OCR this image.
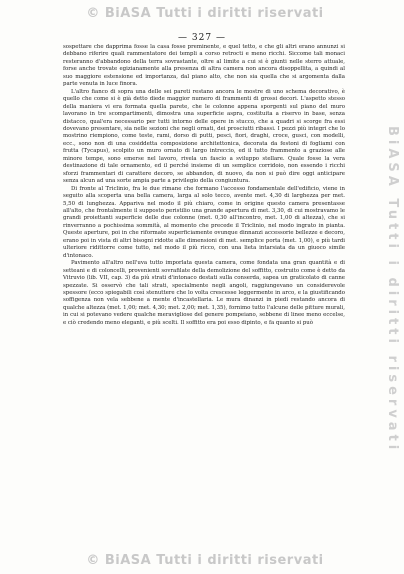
© BiASA Tutti i diritti riservati
BiASA Tutti i diritti riservati
— 327 —

sospettare che dapprima fosse la casa fosse preminente, e quel tetto, e che gli altri erano annunzi si debbano riferire quali rammentatore dei templi a corso retrocti e meno ricchi. Siccome tali monaci resteranno d'abbandono della terra sovrastante, oltre al limite a cui si è giunti nelle sterro attuale, forse anche trovate egizianamente alla presenza di altra camera non ancora disoppellita, a quindi al suo maggiore estensione ed importanza, dal piano alto, che non sia quella che si argomenta dalla parte venuta in luce finora.

L'altro fianco di sopra una delle sei pareti restano ancora le mostre di uno schema decorativo, è quello che come si è già detto diede maggior numero di frammenti di grossi decori. L'aspetto stesso della maniera vi era formata quella parete, che le colonne appena sporgenti sul piano del muro lavorano in tre scompartimenti, dimostra una superficie aspra, costituita a riservo in base, senza distacco, qual'era necessario per tutti intorno delle opere in stucco, che a quadri si scorge fra essi dovevano presentare, sia nelle sezioni che negli ornati, dei prosciutti ribassi. I pezzi più integri che lo mostrino riempiono, come teste, rami, dorso di putti, pesci, fiori, draghi, croce, gusci, con modelli, ecc., sono non di una cosiddetta composizione architettonica, decorata da festoni di fogliami con frutta (Tycapus), scolpito un muro ornato di largo intreccio, ed il tutto frammento a graziose alle minore tempe, sono emerse nel lavoro, rivela un fascio a sviluppo stellare. Quale fosse la vera destinazione di tale ornamento, ed il perché insieme di un semplice corridoio, non essendo i ricchi sforzi frammentari di carattere decoro, se abbandon, di nuovo, da non si può dire oggi anticipare senza alcun ad una sorte ampia parte a privilegio della congiuntura.

Di fronte al Triclinio, fra le due rimane che formano l'accesso fondamentale dell'edificio, viene in seguito alla scoperta una bella camera, larga al solo tecco, avente met. 4,30 di larghezza per met. 5,50 di lunghezza. Appariva nel modo il più chiaro, come in origine questo camera presentasse all'alto, che frontalmente il supposto peristilio una grande apertura di met. 3,30, di cui mostravamo le grandi proiettanti superficie delle due colonne (met. 0,30 all'incontro, met. 1,00 di altezza), che si rinverranno a pochissima sommità, al momento che precede il Triclinio, nel modo ingrato in pianta. Queste aperture, poi in che riformate superficiamente ovunque dinnanzi accessorie bellezze e decoro, erano poi in vista di altri bisogni ridotte alle dimensioni di met. semplice porta (met. 1,00), e più tardi ulteriore ridittorre come tutto, nel modo il più ricco, con una lieta intarsiata da un giuoco simile d'intonaco.

Pavimento all'altro nell'uva tutto imporlata questa camera, come fondata una gran quantità e di setteani e di coloncelli, provenienti sovrafilate della demolizione del soffitto, costruito come è detto da Vitruvio (lib. VII, cap. 3) da più strati d'intonaco destati sulla conserda, sapea un graticolato di canne spezzate. Si osservò che tali strati, specialmente negli angoli, raggiungevano un considerevole spessore (ecco spiegabili così stenuttere che lo volta crescesse leggermente in arco, e la giustificando soffigenza non vela sebbene a mente d'incastellaria. Le mura dinanzi in piedi restando ancora di qualche altezza (met. 1,00; met. 4,30; met. 2,00; met. 1,35), fornimo tutto l'alcune delle pitture murali, in cui si potevano vedere qualche meravigliose del genere pompeiano, sebbene di linee meno eccelse, e ciò credendo meno eleganti, e più scelti. Il soffitto era poi esso dipinto, e fa quanto si può

© BiASA Tutti i diritti riservati
